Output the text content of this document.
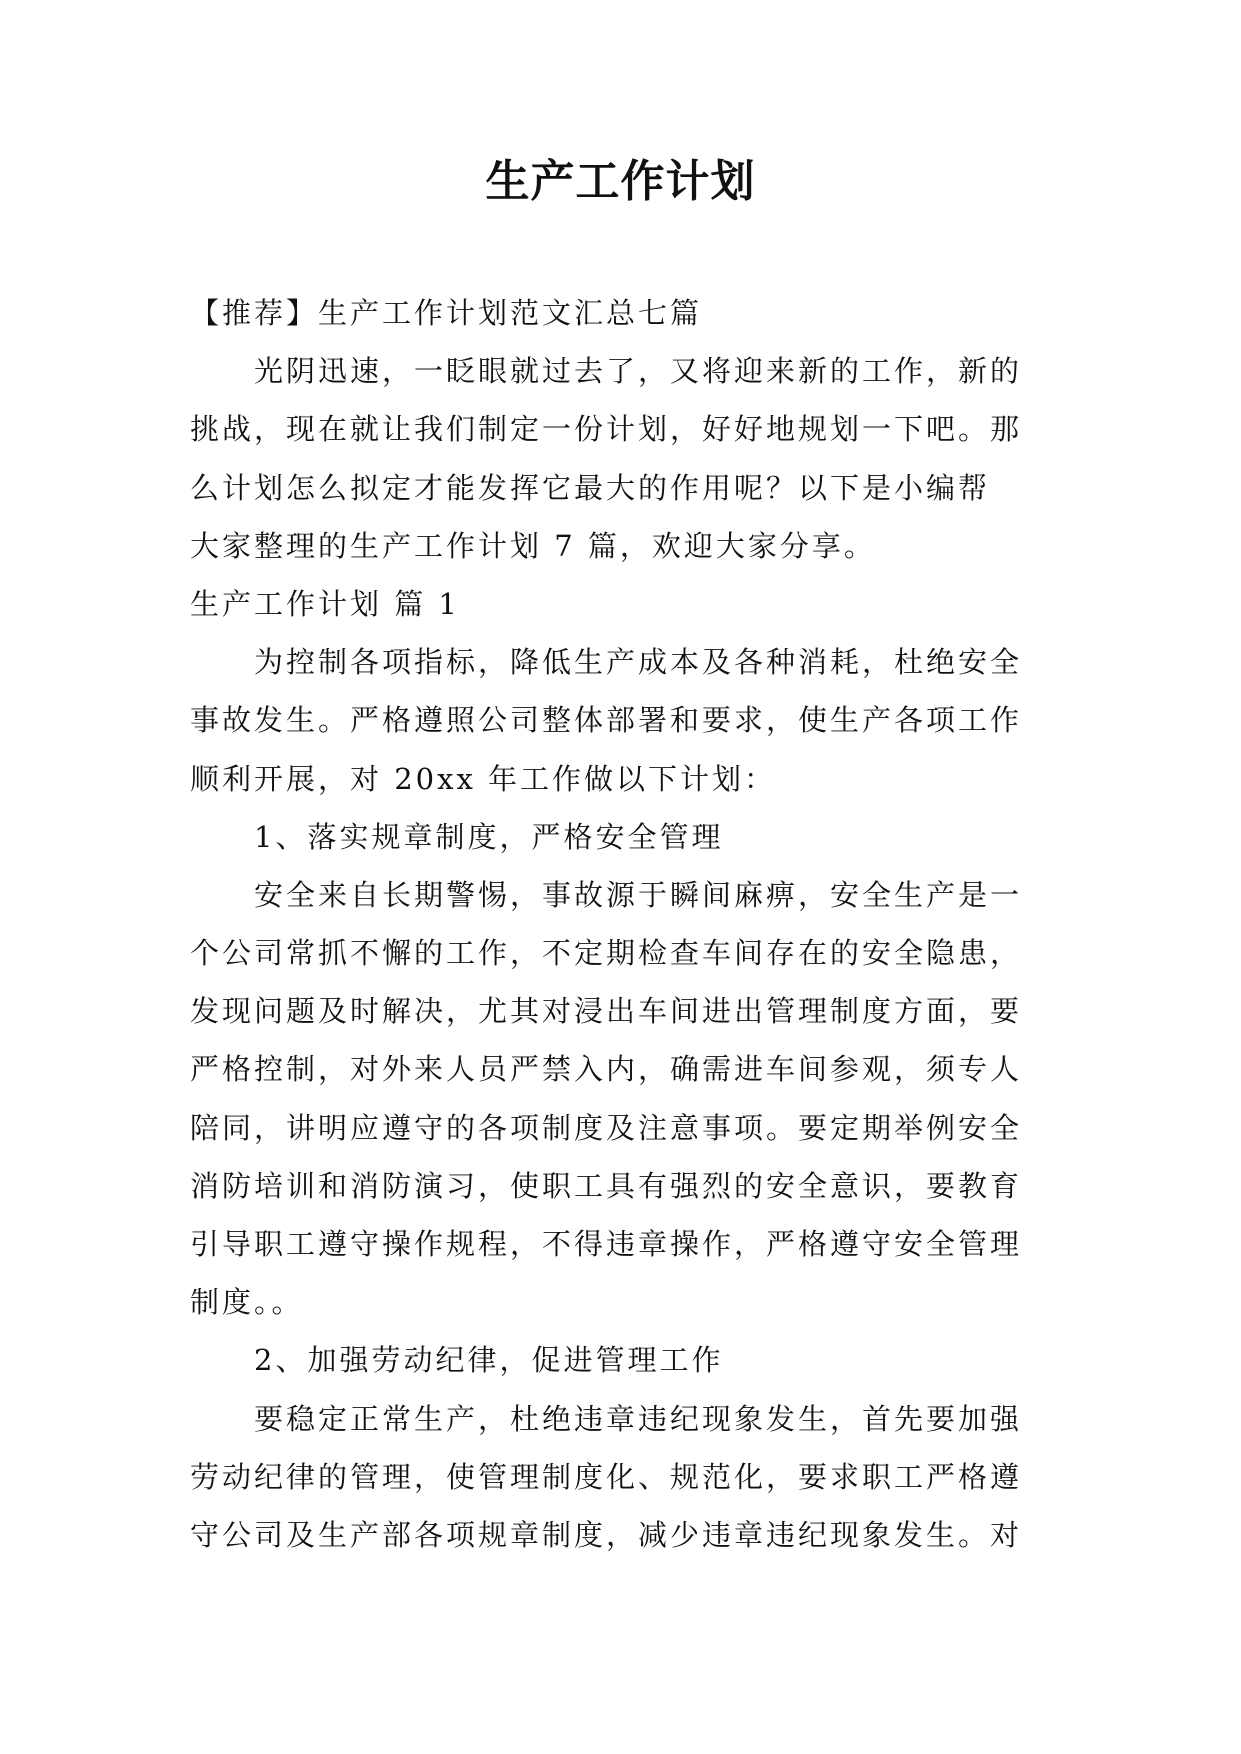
生产工作计划
【推荐】生产工作计划范文汇总七篇
光阴迅速，一眨眼就过去了，又将迎来新的工作，新的
挑战，现在就让我们制定一份计划，好好地规划一下吧。那
么计划怎么拟定才能发挥它最大的作用呢？以下是小编帮
大家整理的生产工作计划 7 篇，欢迎大家分享。
生产工作计划 篇 1
为控制各项指标，降低生产成本及各种消耗，杜绝安全
事故发生。严格遵照公司整体部署和要求，使生产各项工作
顺利开展，对 20xx 年工作做以下计划：
1、落实规章制度，严格安全管理
安全来自长期警惕，事故源于瞬间麻痹，安全生产是一
个公司常抓不懈的工作，不定期检查车间存在的安全隐患，
发现问题及时解决，尤其对浸出车间进出管理制度方面，要
严格控制，对外来人员严禁入内，确需进车间参观，须专人
陪同，讲明应遵守的各项制度及注意事项。要定期举例安全
消防培训和消防演习，使职工具有强烈的安全意识，要教育
引导职工遵守操作规程，不得违章操作，严格遵守安全管理
制度。。
2、加强劳动纪律，促进管理工作
要稳定正常生产，杜绝违章违纪现象发生，首先要加强
劳动纪律的管理，使管理制度化、规范化，要求职工严格遵
守公司及生产部各项规章制度，减少违章违纪现象发生。对
